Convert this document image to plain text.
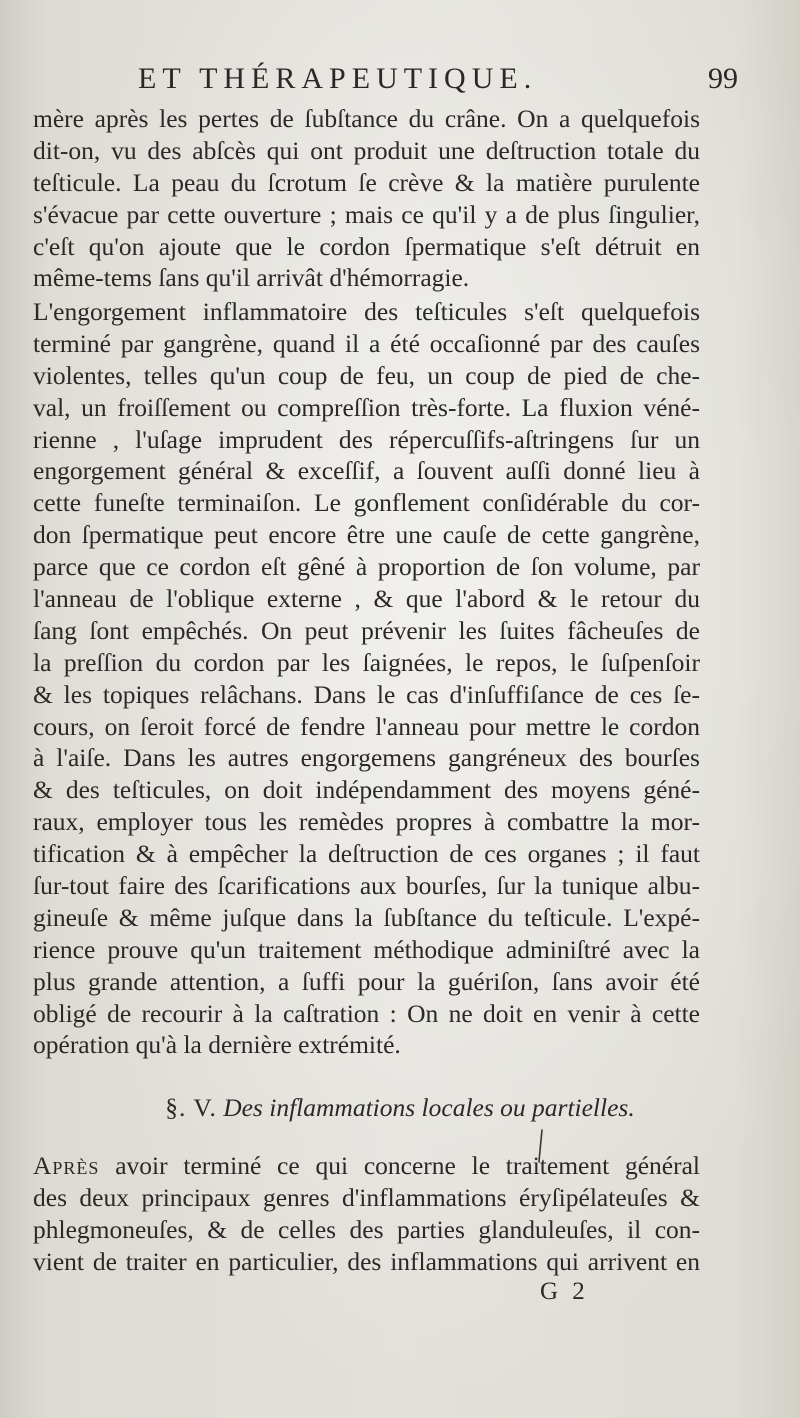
ET THÉRAPEUTIQUE.	99
mère après les pertes de ſubſtance du crâne. On a quelquefois
dit-on, vu des abſcès qui ont produit une deſtruction totale du
teſticule. La peau du ſcrotum ſe crève & la matière purulente
s'évacue par cette ouverture ; mais ce qu'il y a de plus ſingulier,
c'eſt qu'on ajoute que le cordon ſpermatique s'eſt détruit en
même-tems ſans qu'il arrivât d'hémorragie.
L'engorgement inflammatoire des teſticules s'eſt quelquefois
terminé par gangrène, quand il a été occaſionné par des cauſes
violentes, telles qu'un coup de feu, un coup de pied de che-
val, un froiſſement ou compreſſion très-forte. La fluxion véné-
rienne , l'uſage imprudent des répercuſſifs-aſtringens ſur un
engorgement général & exceſſif, a ſouvent auſſi donné lieu à
cette funeſte terminaiſon. Le gonflement conſidérable du cor-
don ſpermatique peut encore être une cauſe de cette gangrène,
parce que ce cordon eſt gêné à proportion de ſon volume, par
l'anneau de l'oblique externe , & que l'abord & le retour du
ſang ſont empêchés. On peut prévenir les ſuites fâcheuſes de
la preſſion du cordon par les ſaignées, le repos, le ſuſpenſoir
& les topiques relâchans. Dans le cas d'inſuffiſance de ces ſe-
cours, on ſeroit forcé de fendre l'anneau pour mettre le cordon
à l'aiſe. Dans les autres engorgemens gangréneux des bourſes
& des teſticules, on doit indépendamment des moyens géné-
raux, employer tous les remèdes propres à combattre la mor-
tification & à empêcher la deſtruction de ces organes ; il faut
ſur-tout faire des ſcarifications aux bourſes, ſur la tunique albu-
gineuſe & même juſque dans la ſubſtance du teſticule. L'expé-
rience prouve qu'un traitement méthodique adminiſtré avec la
plus grande attention, a ſuffi pour la guériſon, ſans avoir été
obligé de recourir à la caſtration : On ne doit en venir à cette
opération qu'à la dernière extrémité.
§. V. Des inflammations locales ou partielles.
Après avoir terminé ce qui concerne le traitement général
des deux principaux genres d'inflammations éryſipélateuſes &
phlegmoneuſes, & de celles des parties glanduleuſes, il con-
vient de traiter en particulier, des inflammations qui arrivent en
G 2
